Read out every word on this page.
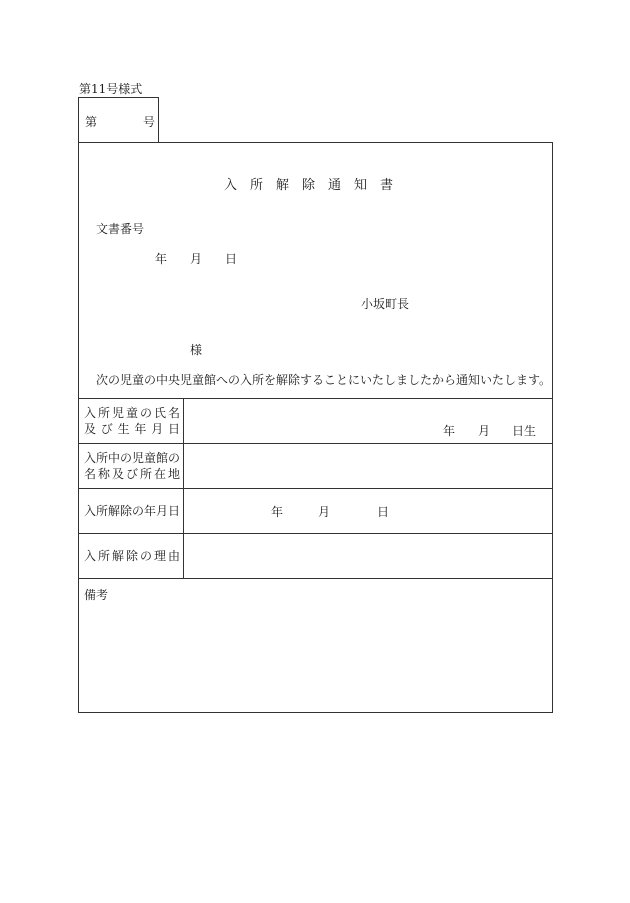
第11号様式
第	号
入所解除通知書
文書番号
年 月 日
小坂町長
様
次の児童の中央児童館への入所を解除することにいたしましたから通知いたします。
入所児童の氏名
及び生年月日	年 月 日生
入所中の児童館の
名称及び所在地
入所解除の年月日	年	月	日
入所解除の理由
備考
